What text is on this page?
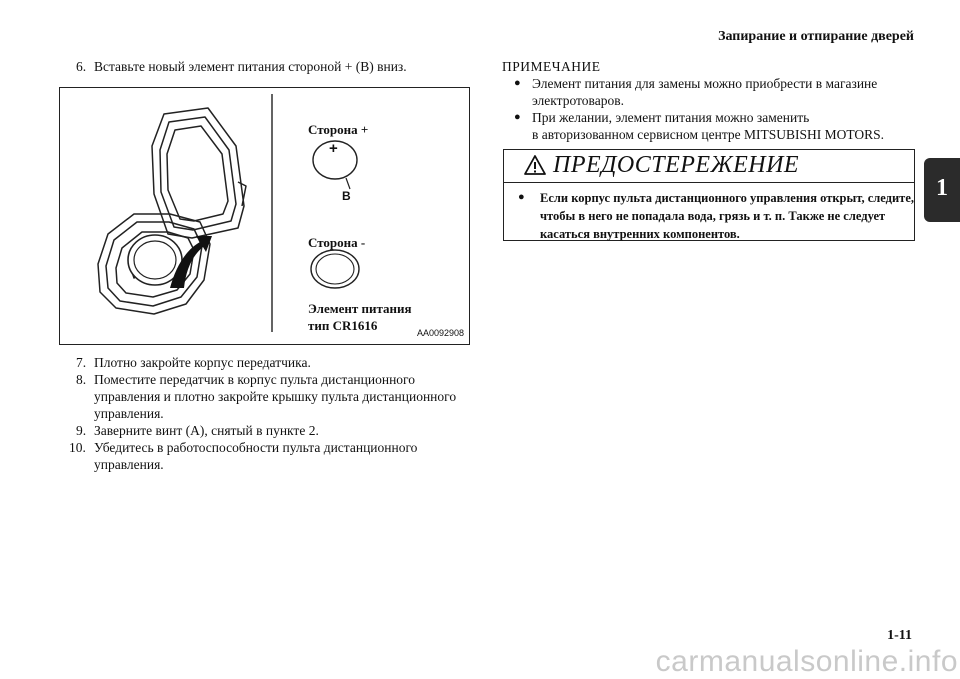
Запирание и отпирание дверей
1
6. Вставьте новый элемент питания стороной + (B) вниз.
Сторона +
+
B
Сторона -
Элемент питания
тип CR1616	AA0092908
7. Плотно закройте корпус передатчика.
8. Поместите передатчик в корпус пульта дистанционного
управления и плотно закройте крышку пульта дистанционного
управления.
9. Заверните винт (A), снятый в пункте 2.
10. Убедитесь в работоспособности пульта дистанционного
управления.
ПРИМЕЧАНИЕ
● Элемент питания для замены можно приобрести в магазине
электротоваров.
● При желании, элемент питания можно заменить
в авторизованном сервисном центре MITSUBISHI MOTORS.
ПРЕДОСТЕРЕЖЕНИЕ
●	Если корпус пульта дистанционного управления открыт, следите,
чтобы в него не попадала вода, грязь и т. п. Также не следует
касаться внутренних компонентов.
1-11
carmanualsonline.info
